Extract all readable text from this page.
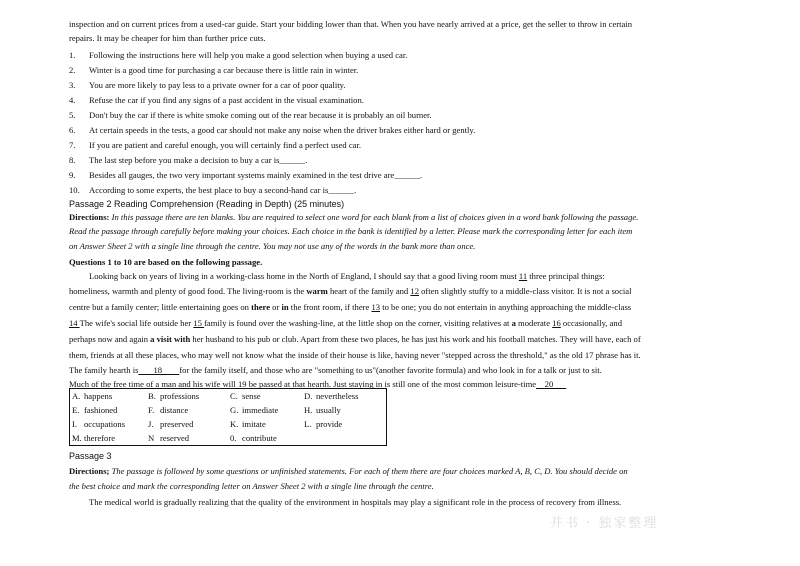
inspection and on current prices from a used-car guide. Start your bidding lower than that. When you have nearly arrived at a price, get the seller to throw in certain
repairs. It may be cheaper for him than further price cuts.
1. Following the instructions here will help you make a good selection when buying a used car.
2. Winter is a good time for purchasing a car because there is little rain in winter.
3. You are more likely to pay less to a private owner for a car of poor quality.
4. Refuse the car if you find any signs of a past accident in the visual examination.
5. Don't buy the car if there is white smoke coming out of the rear because it is probably an oil burner.
6. At certain speeds in the tests, a good car should not make any noise when the driver brakes either hard or gently.
7. If you are patient and careful enough, you will certainly find a perfect used car.
8. The last step before you make a decision to buy a car is______.
9. Besides all gauges, the two very important systems mainly examined in the test drive are______.
10. According to some experts, the best place to buy a second-hand car is______.
Passage 2 Reading Comprehension (Reading in Depth) (25 minutes)
Directions: In this passage there are ten blanks. You are required to select one word for each blank from a list of choices given in a word bank following the passage.
Read the passage through carefully before making your choices. Each choice in the bank is identified by a letter. Please mark the corresponding letter for each item
on Answer Sheet 2 with a single line through the centre. You may not use any of the words in the bank more than once.
Questions 1 to 10 are based on the following passage.
Looking back on years of living in a working-class home in the North of England, I should say that a good living room must 11 three principal things:
homeliness, warmth and plenty of good food. The living-room is the warm heart of the family and 12 often slightly stuffy to a middle-class visitor. It is not a social
centre but a family center; little entertaining goes on there or in the front room, if there 13 to be one; you do not entertain in anything approaching the middle-class
14 The wife's social life outside her 15 family is found over the washing-line, at the little shop on the corner, visiting relatives at a moderate 16 occasionally, and
perhaps now and again a visit with her husband to his pub or club. Apart from these two places, he has just his work and his football matches. They will have, each of
them, friends at all these places, who may well not know what the inside of their house is like, having never "stepped across the threshold," as the old 17 phrase has it.
The family hearth is       18        for the family itself, and those who are "something to us"(another favorite formula) and who look in for a talk or just to sit.
Much of the free time of a man and his wife will 19 be passed at that hearth. Just staying in is still one of the most common leisure-time    20
A.	happens	B.	professions	C.	sense	D.	nevertheless
E.	fashioned	F.	distance	G.	immediate	H.	usually
I.	occupations	J.	preserved	K.	imitate	L.	provide
M.	therefore	N	reserved	0.	contribute		
Passage 3
Directions; The passage is followed by some questions or unfinished statements. For each of them there are four choices marked A, B, C, D. You should decide on
the best choice and mark the corresponding letter on Answer Sheet 2 with a single line through the centre.
The medical world is gradually realizing that the quality of the environment in hospitals may play a significant role in the process of recovery from illness.
并书 · 独家整理
